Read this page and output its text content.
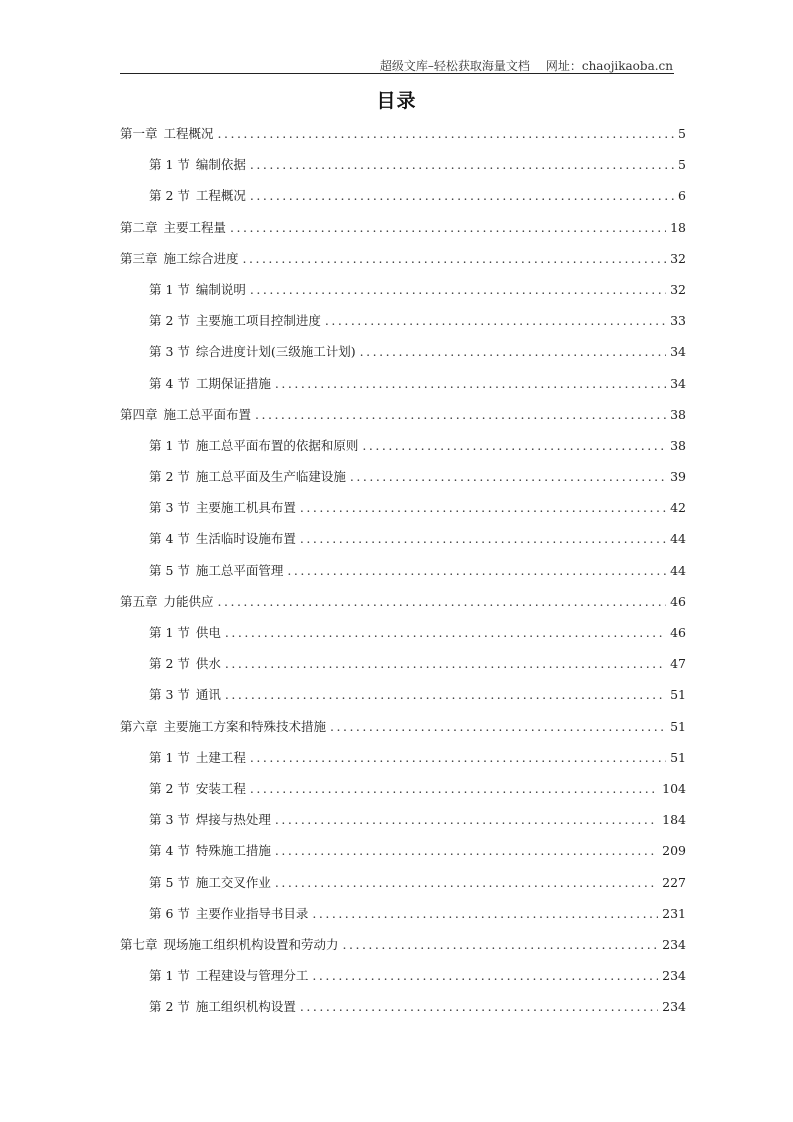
超级文库–轻松获取海量文档 网址：chaojikaoba.cn
目录
第一章 工程概况 .....	5
第 1 节 编制依据 .....	5
第 2 节 工程概况 .....	6
第二章 主要工程量 .....	18
第三章 施工综合进度 .....	32
第 1 节 编制说明 .....	32
第 2 节 主要施工项目控制进度 .....	33
第 3 节 综合进度计划(三级施工计划) .....	34
第 4 节 工期保证措施 .....	34
第四章 施工总平面布置 .....	38
第 1 节 施工总平面布置的依据和原则 .....	38
第 2 节 施工总平面及生产临建设施 .....	39
第 3 节 主要施工机具布置 .....	42
第 4 节 生活临时设施布置 .....	44
第 5 节 施工总平面管理 .....	44
第五章 力能供应 .....	46
第 1 节 供电 .....	46
第 2 节 供水 .....	47
第 3 节 通讯 .....	51
第六章 主要施工方案和特殊技术措施 .....	51
第 1 节 土建工程 .....	51
第 2 节 安装工程 .....	104
第 3 节 焊接与热处理 .....	184
第 4 节 特殊施工措施 .....	209
第 5 节 施工交叉作业 .....	227
第 6 节 主要作业指导书目录 .....	231
第七章 现场施工组织机构设置和劳动力 .....	234
第 1 节 工程建设与管理分工 .....	234
第 2 节 施工组织机构设置 .....	234
